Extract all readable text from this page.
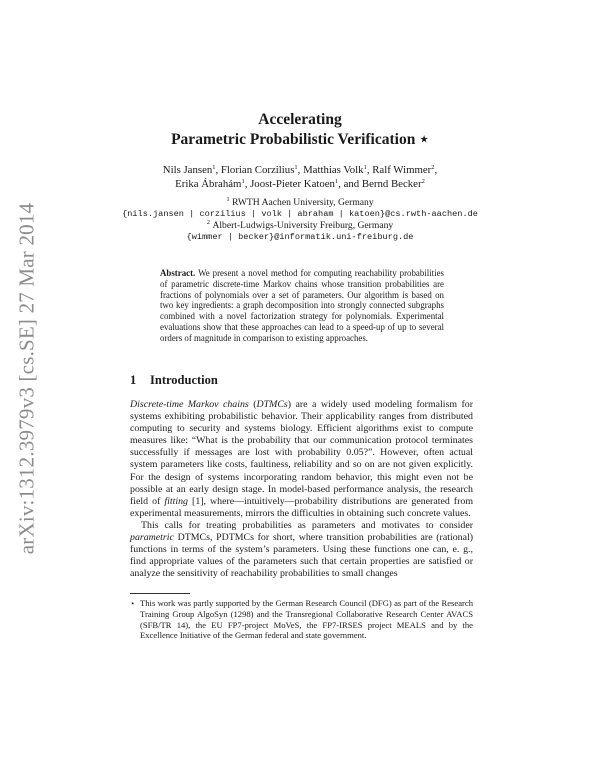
arXiv:1312.3979v3 [cs.SE] 27 Mar 2014
Accelerating
Parametric Probabilistic Verification ⋆
Nils Jansen$^1$, Florian Corzilius$^1$, Matthias Volk$^1$, Ralf Wimmer$^2$,
Erika Ábrahám$^1$, Joost-Pieter Katoen$^1$, and Bernd Becker$^2$
$^1$ RWTH Aachen University, Germany
{nils.jansen | corzilius | volk | abraham | katoen}@cs.rwth-aachen.de
$^2$ Albert-Ludwigs-University Freiburg, Germany
{wimmer | becker}@informatik.uni-freiburg.de
Abstract. We present a novel method for computing reachability probabilities of parametric discrete-time Markov chains whose transition probabilities are fractions of polynomials over a set of parameters. Our algorithm is based on two key ingredients: a graph decomposition into strongly connected subgraphs combined with a novel factorization strategy for polynomials. Experimental evaluations show that these approaches can lead to a speed-up of up to several orders of magnitude in comparison to existing approaches.
1 Introduction

Discrete-time Markov chains (DTMCs) are a widely used modeling formalism for systems exhibiting probabilistic behavior. Their applicability ranges from distributed computing to security and systems biology. Efficient algorithms exist to compute measures like: “What is the probability that our communication protocol terminates successfully if messages are lost with probability 0.05?”. However, often actual system parameters like costs, faultiness, reliability and so on are not given explicitly. For the design of systems incorporating random behavior, this might even not be possible at an early design stage. In model-based performance analysis, the research field of fitting [1], where—intuitively—probability distributions are generated from experimental measurements, mirrors the difficulties in obtaining such concrete values.

This calls for treating probabilities as parameters and motivates to consider parametric DTMCs, PDTMCs for short, where transition probabilities are (rational) functions in terms of the system’s parameters. Using these functions one can, e. g., find appropriate values of the parameters such that certain properties are satisfied or analyze the sensitivity of reachability probabilities to small changes

⋆ This work was partly supported by the German Research Council (DFG) as part of the Research Training Group AlgoSyn (1298) and the Transregional Collaborative Research Center AVACS (SFB/TR 14), the EU FP7-project MoVeS, the FP7-IRSES project MEALS and by the Excellence Initiative of the German federal and state government.
